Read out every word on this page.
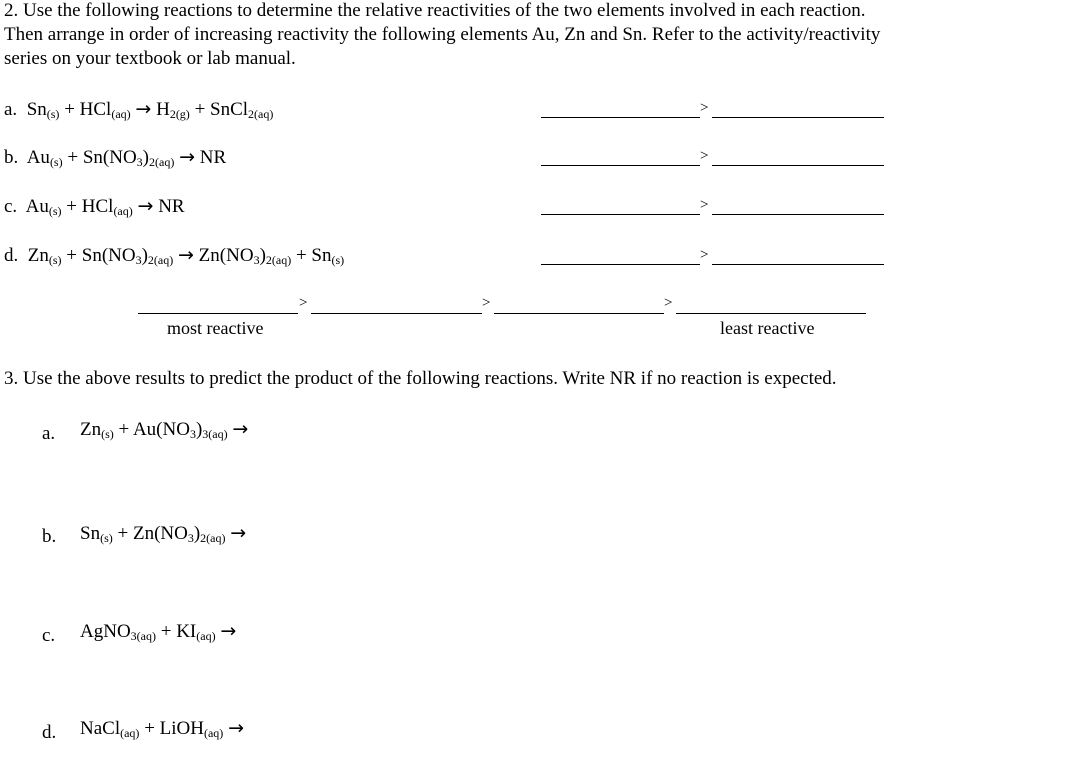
2. Use the following reactions to determine the relative reactivities of the two elements involved in each reaction.
Then arrange in order of increasing reactivity the following elements Au, Zn and Sn. Refer to the activity/reactivity
series on your textbook or lab manual.
a. $Sn_{(s)} + HCl_{(aq)} \to H_{2(g)}$ + SnCl$_{2(aq)}$	>
b. $Au_{(s)} + Sn(NO_3)_{2(aq)}$ → NR	>
c. $Au_{(s)} + HCl_{(aq)}$ → NR	>
d. $Zn_{(s)} + Sn(NO_3)_{2(aq)} \to Zn(NO_3)_{2(aq)} + Sn_{(s)}$	>
>	>	>
most reactive	least reactive
3. Use the above results to predict the product of the following reactions. Write NR if no reaction is expected.
a. $Zn_{(s)} + Au(NO_3)_{3(aq)}$ →
b. $Sn_{(s)} + Zn(NO_3)_{2(aq)}$ →
c. AgNO$_{3(aq)}$ + $KI_{(aq)}$ →
d. NaCl$_{(aq)}$ + LiOH$_{(aq)}$ →
